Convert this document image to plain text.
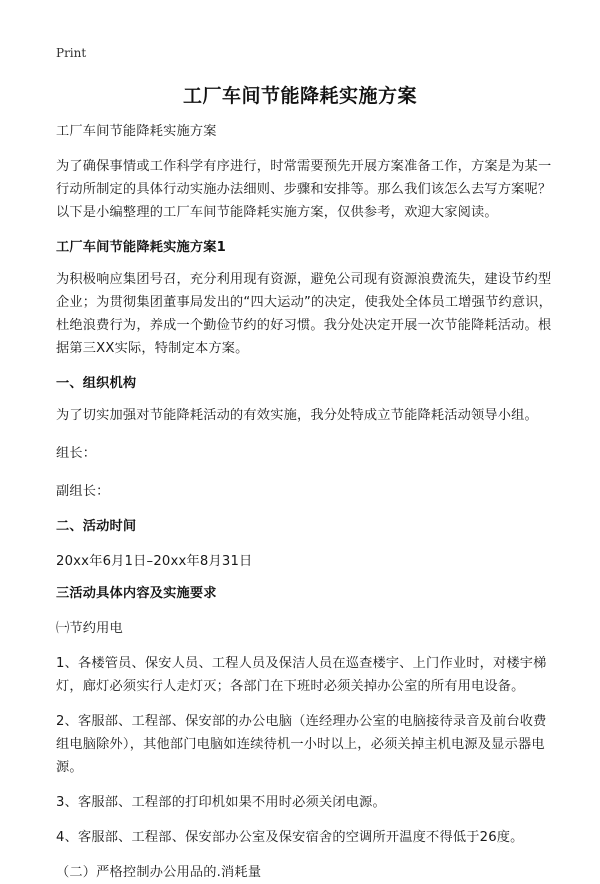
Print
工厂车间节能降耗实施方案

工厂车间节能降耗实施方案

为了确保事情或工作科学有序进行，时常需要预先开展方案准备工作，方案是为某一行动所制定的具体行动实施办法细则、步骤和安排等。那么我们该怎么去写方案呢？以下是小编整理的工厂车间节能降耗实施方案，仅供参考，欢迎大家阅读。

工厂车间节能降耗实施方案1

为积极响应集团号召，充分利用现有资源，避免公司现有资源浪费流失，建设节约型企业；为贯彻集团董事局发出的“四大运动”的决定，使我处全体员工增强节约意识，杜绝浪费行为，养成一个勤俭节约的好习惯。我分处决定开展一次节能降耗活动。根据第三XX实际，特制定本方案。

一、组织机构

为了切实加强对节能降耗活动的有效实施，我分处特成立节能降耗活动领导小组。

组长：

副组长：

二、活动时间

20xx年6月1日–20xx年8月31日

三活动具体内容及实施要求

㈠节约用电

1、各楼管员、保安人员、工程人员及保洁人员在巡查楼宇、上门作业时，对楼宇梯灯，廊灯必须实行人走灯灭；各部门在下班时必须关掉办公室的所有用电设备。

2、客服部、工程部、保安部的办公电脑（连经理办公室的电脑接待录音及前台收费组电脑除外），其他部门电脑如连续待机一小时以上，必须关掉主机电源及显示器电源。

3、客服部、工程部的打印机如果不用时必须关闭电源。

4、客服部、工程部、保安部办公室及保安宿舍的空调所开温度不得低于26度。

（二）严格控制办公用品的.消耗量
